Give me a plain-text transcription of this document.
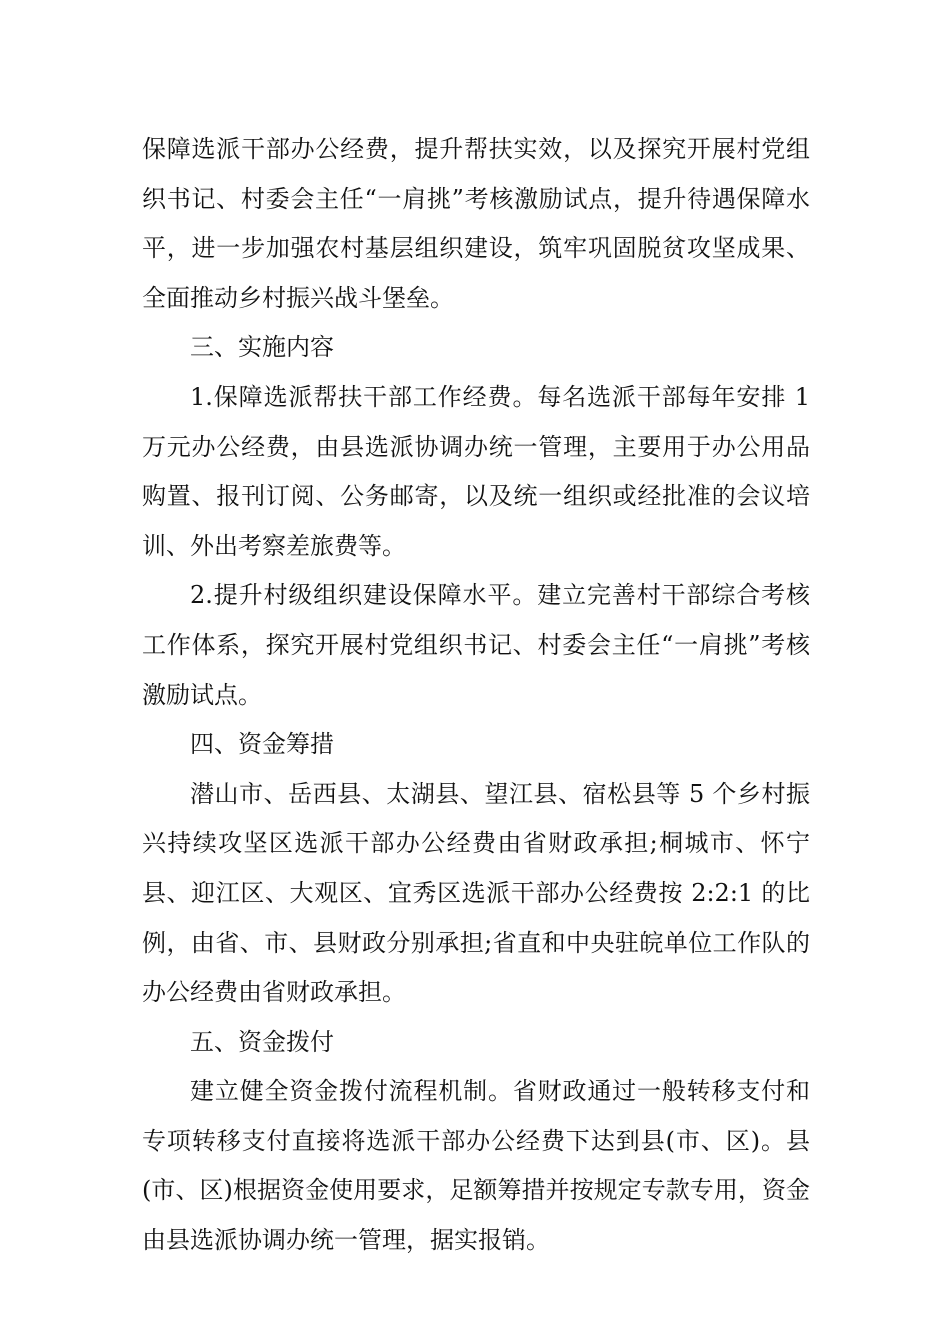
保障选派干部办公经费，提升帮扶实效，以及探究开展村党组织书记、村委会主任“一肩挑”考核激励试点，提升待遇保障水平，进一步加强农村基层组织建设，筑牢巩固脱贫攻坚成果、全面推动乡村振兴战斗堡垒。

三、实施内容

1.保障选派帮扶干部工作经费。每名选派干部每年安排 1 万元办公经费，由县选派协调办统一管理，主要用于办公用品购置、报刊订阅、公务邮寄，以及统一组织或经批准的会议培训、外出考察差旅费等。

2.提升村级组织建设保障水平。建立完善村干部综合考核工作体系，探究开展村党组织书记、村委会主任“一肩挑”考核激励试点。

四、资金筹措

潜山市、岳西县、太湖县、望江县、宿松县等 5 个乡村振兴持续攻坚区选派干部办公经费由省财政承担;桐城市、怀宁县、迎江区、大观区、宜秀区选派干部办公经费按 2:2:1 的比例，由省、市、县财政分别承担;省直和中央驻皖单位工作队的办公经费由省财政承担。

五、资金拨付

建立健全资金拨付流程机制。省财政通过一般转移支付和专项转移支付直接将选派干部办公经费下达到县(市、区)。县(市、区)根据资金使用要求，足额筹措并按规定专款专用，资金由县选派协调办统一管理，据实报销。
